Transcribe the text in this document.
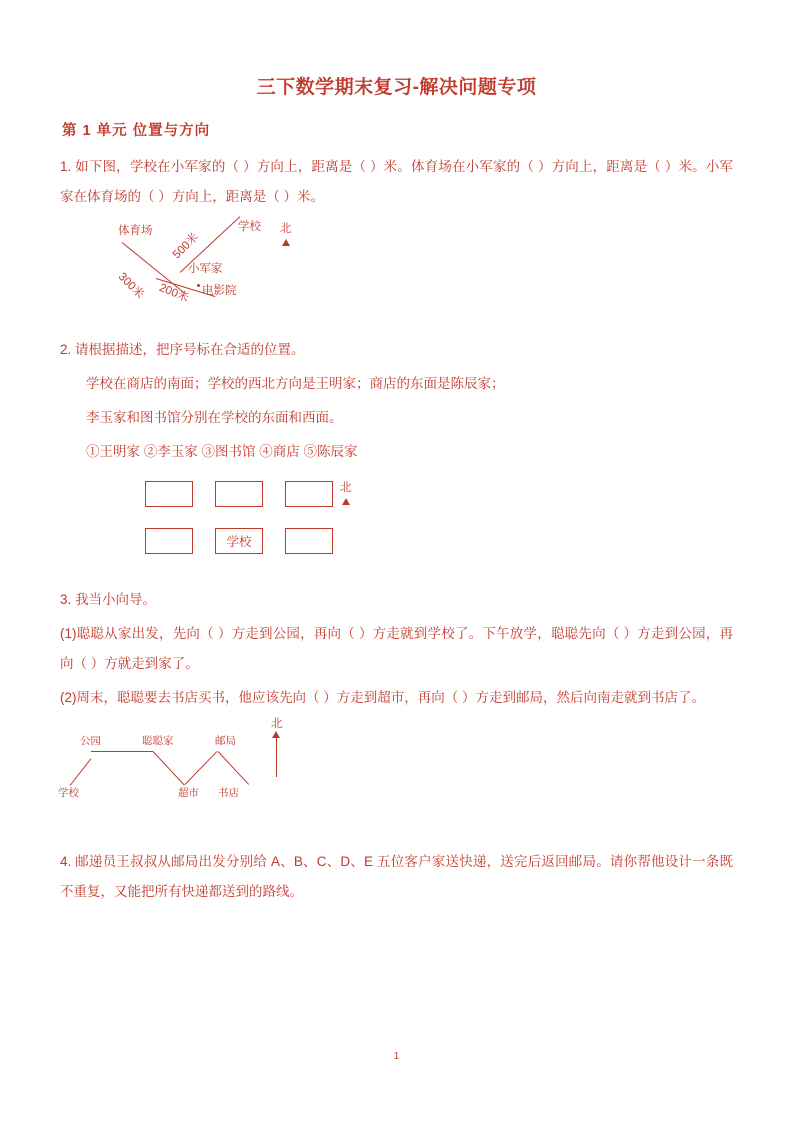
三下数学期末复习-解决问题专项
第 1 单元 位置与方向
1. 如下图，学校在小军家的（ ）方向上，距离是（ ）米。体育场在小军家的（ ）方向上，距离是（ ）米。小军家在体育场的（ ）方向上，距离是（ ）米。
体育场	学校
小军家
电影院
500米
300米 200米
北
2. 请根据描述，把序号标在合适的位置。
学校在商店的南面；学校的西北方向是王明家；商店的东面是陈辰家；
李玉家和图书馆分别在学校的东面和西面。
①王明家 ②李玉家 ③图书馆 ④商店 ⑤陈辰家
学校
北
3. 我当小向导。
(1)聪聪从家出发，先向（ ）方走到公园，再向（ ）方走就到学校了。下午放学，聪聪先向（ ）方走到公园，再向（ ）方就走到家了。
(2)周末，聪聪要去书店买书，他应该先向（ ）方走到超市，再向（ ）方走到邮局，然后向南走就到书店了。
公园	聪聪家	邮局
学校	超市 书店
北
4. 邮递员王叔叔从邮局出发分别给 A、B、C、D、E 五位客户家送快递，送完后返回邮局。请你帮他设计一条既不重复，又能把所有快递都送到的路线。
1
